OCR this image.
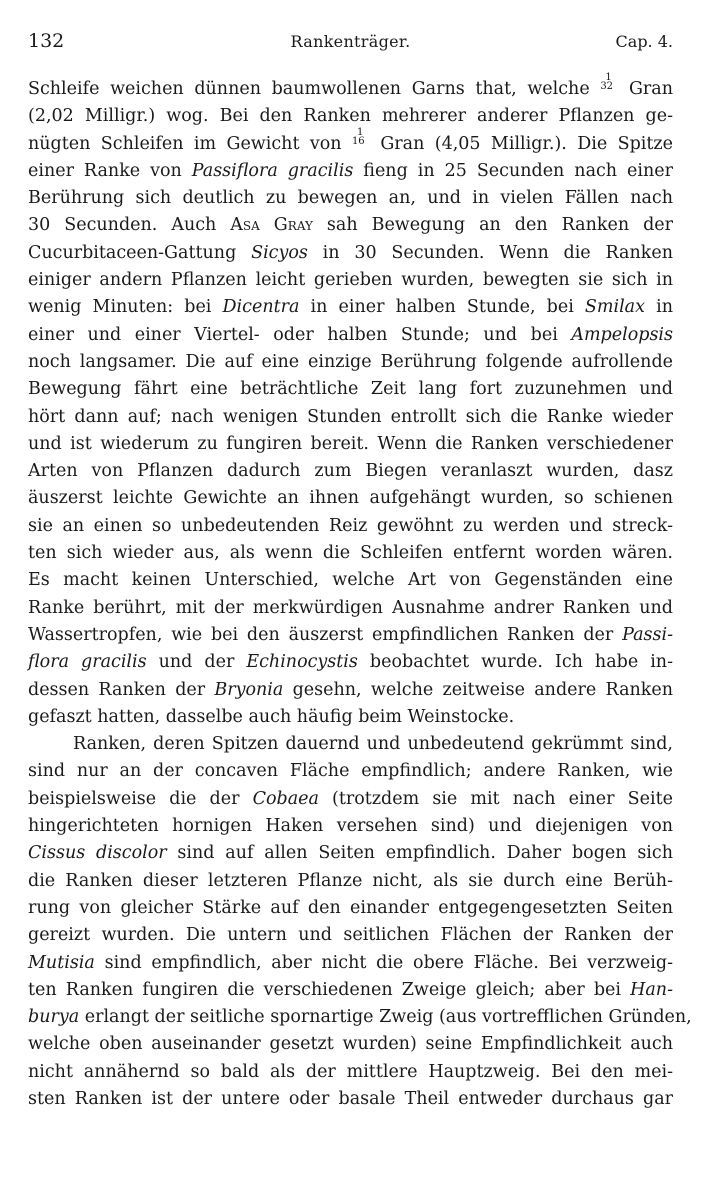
132	Rankenträger.	Cap. 4.
Schleife weichen dünnen baumwollenen Garns that, welche
1
32 Gran
(2,02 Milligr.) wog. Bei den Ranken mehrerer anderer Pflanzen ge-
nügten Schleifen im Gewicht von
1
16 Gran (4,05 Milligr.). Die Spitze
einer Ranke von Passiflora gracilis fieng in 25 Secunden nach einer
Berührung sich deutlich zu bewegen an, und in vielen Fällen nach
30 Secunden. Auch Asa Gray sah Bewegung an den Ranken der
Cucurbitaceen-Gattung Sicyos in 30 Secunden. Wenn die Ranken
einiger andern Pflanzen leicht gerieben wurden, bewegten sie sich in
wenig Minuten: bei Dicentra in einer halben Stunde, bei Smilax in
einer und einer Viertel- oder halben Stunde; und bei Ampelopsis
noch langsamer. Die auf eine einzige Berührung folgende aufrollende
Bewegung fährt eine beträchtliche Zeit lang fort zuzunehmen und
hört dann auf; nach wenigen Stunden entrollt sich die Ranke wieder
und ist wiederum zu fungiren bereit. Wenn die Ranken verschiedener
Arten von Pflanzen dadurch zum Biegen veranlaszt wurden, dasz
äuszerst leichte Gewichte an ihnen aufgehängt wurden, so schienen
sie an einen so unbedeutenden Reiz gewöhnt zu werden und streck-
ten sich wieder aus, als wenn die Schleifen entfernt worden wären.
Es macht keinen Unterschied, welche Art von Gegenständen eine
Ranke berührt, mit der merkwürdigen Ausnahme andrer Ranken und
Wassertropfen, wie bei den äuszerst empfindlichen Ranken der Passi-
flora gracilis und der Echinocystis beobachtet wurde. Ich habe in-
dessen Ranken der Bryonia gesehn, welche zeitweise andere Ranken
gefaszt hatten, dasselbe auch häufig beim Weinstocke.
Ranken, deren Spitzen dauernd und unbedeutend gekrümmt sind,
sind nur an der concaven Fläche empfindlich; andere Ranken, wie
beispielsweise die der Cobaea (trotzdem sie mit nach einer Seite
hingerichteten hornigen Haken versehen sind) und diejenigen von
Cissus discolor sind auf allen Seiten empfindlich. Daher bogen sich
die Ranken dieser letzteren Pflanze nicht, als sie durch eine Berüh-
rung von gleicher Stärke auf den einander entgegengesetzten Seiten
gereizt wurden. Die untern und seitlichen Flächen der Ranken der
Mutisia sind empfindlich, aber nicht die obere Fläche. Bei verzweig-
ten Ranken fungiren die verschiedenen Zweige gleich; aber bei Han-
burya erlangt der seitliche spornartige Zweig (aus vortrefflichen Gründen,
welche oben auseinander gesetzt wurden) seine Empfindlichkeit auch
nicht annähernd so bald als der mittlere Hauptzweig. Bei den mei-
sten Ranken ist der untere oder basale Theil entweder durchaus gar
